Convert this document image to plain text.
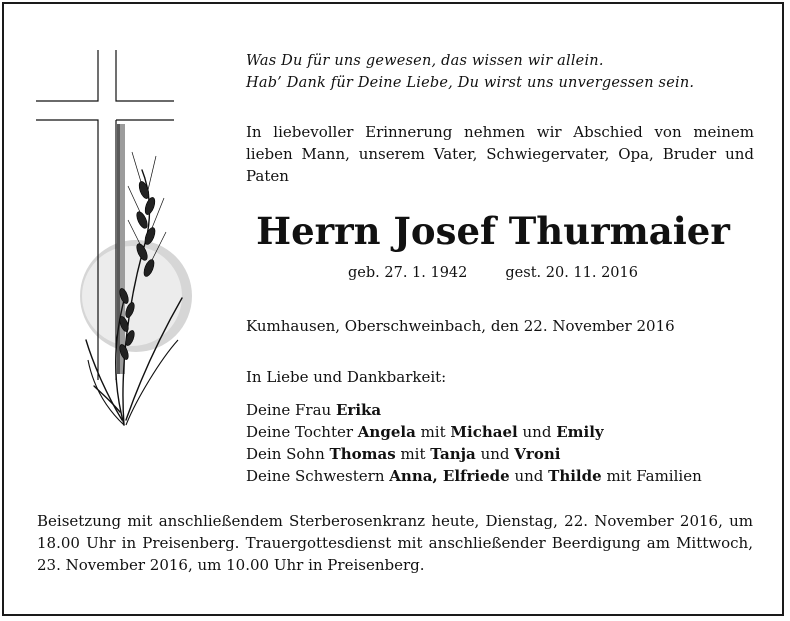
Was Du für uns gewesen, das wissen wir allein.
Hab’ Dank für Deine Liebe, Du wirst uns unvergessen sein.
In liebevoller Erinnerung nehmen wir Abschied von meinem lieben Mann, unserem Vater, Schwiegervater, Opa, Bruder und Paten
Herrn Josef Thurmaier
geb. 27. 1. 1942	gest. 20. 11. 2016
Kumhausen, Oberschweinbach, den 22. November 2016
In Liebe und Dankbarkeit:
Deine Frau Erika
Deine Tochter Angela mit Michael und Emily
Dein Sohn Thomas mit Tanja und Vroni
Deine Schwestern Anna, Elfriede und Thilde mit Familien
Beisetzung mit anschließendem Sterberosenkranz heute, Dienstag, 22. November 2016, um 18.00 Uhr in Preisenberg. Trauergottesdienst mit anschließender Beerdigung am Mittwoch, 23. November 2016, um 10.00 Uhr in Preisenberg.
